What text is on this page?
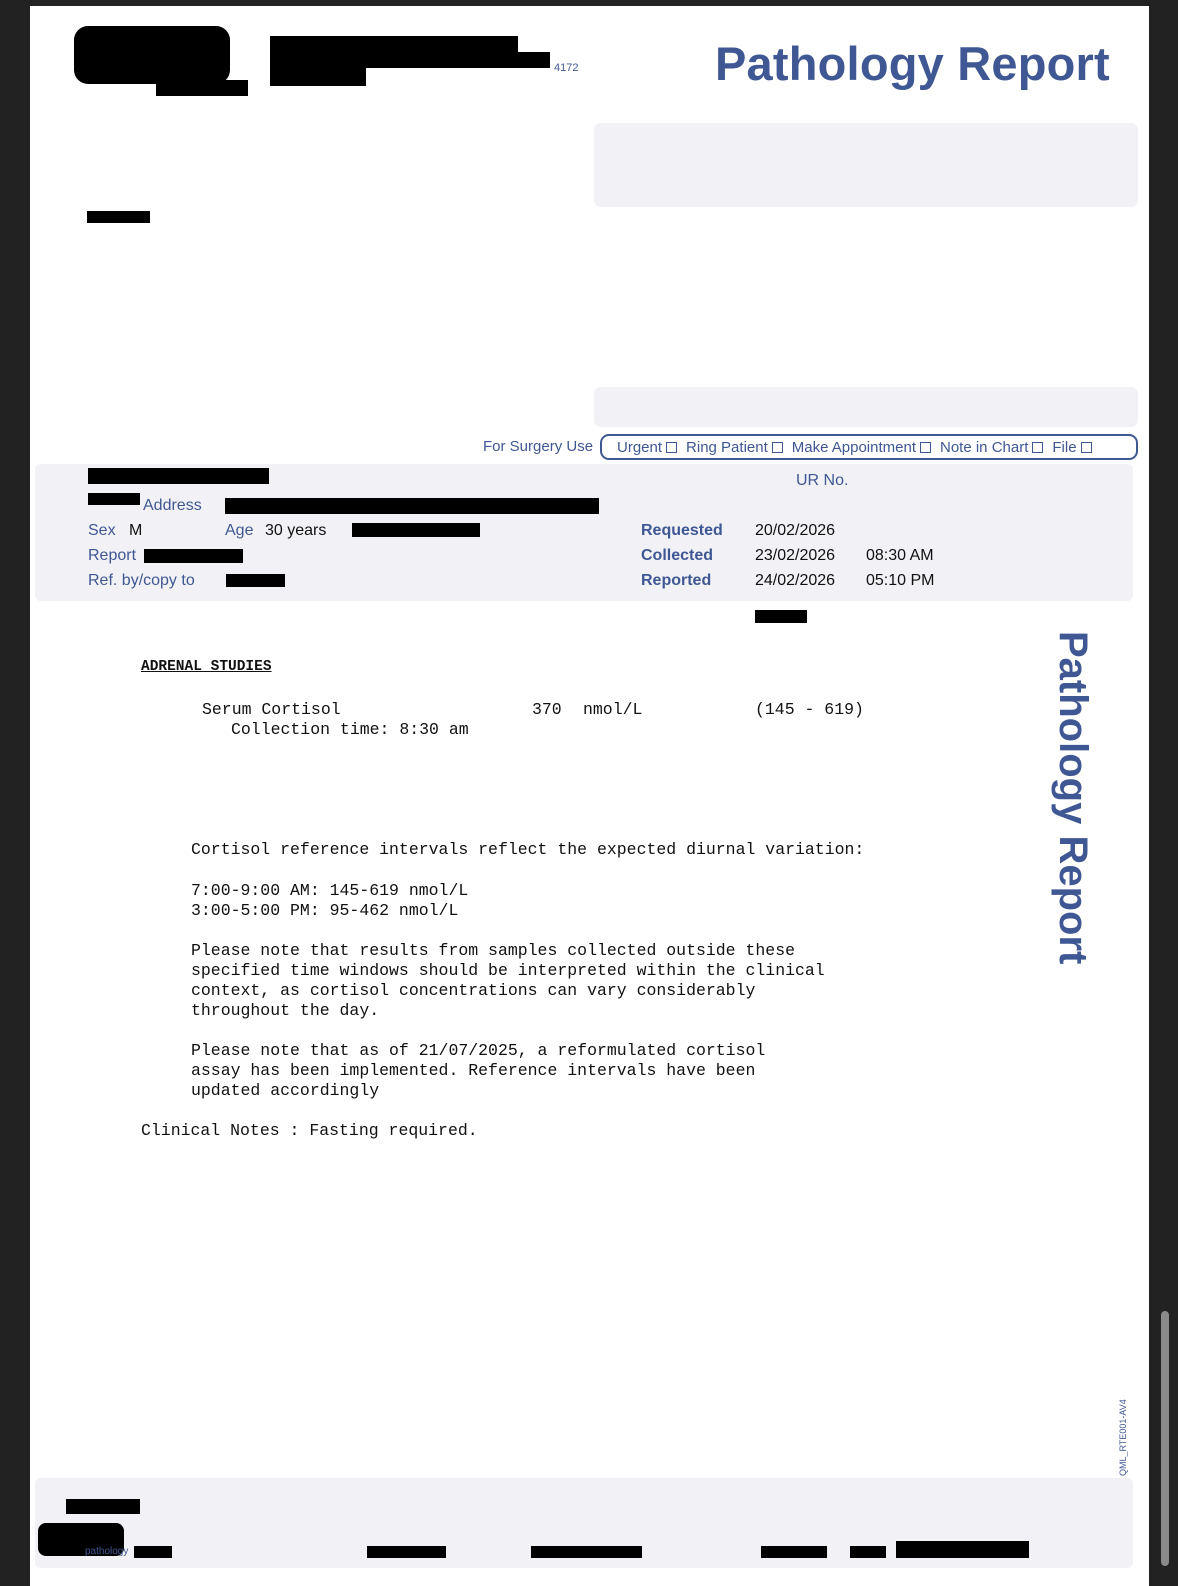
4172	Pathology Report
For Surgery Use Urgent Ring Patient Make Appointment Note in Chart File
UR No.
Address
Sex M	Age 30 years
Report
Ref. by/copy to
Requested 20/02/2026
Collected	23/02/2026 08:30 AM
Reported	24/02/2026 05:10 PM
ADRENAL STUDIES
Serum Cortisol	370 nmol/L	(145 - 619)
Collection time: 8:30 am
Cortisol reference intervals reflect the expected diurnal variation:
7:00-9:00 AM: 145-619 nmol/L
3:00-5:00 PM: 95-462 nmol/L
Please note that results from samples collected outside these
specified time windows should be interpreted within the clinical
context, as cortisol concentrations can vary considerably
throughout the day.
Please note that as of 21/07/2025, a reformulated cortisol
assay has been implemented. Reference intervals have been
updated accordingly
Clinical Notes : Fasting required.
Pathology Report
QML_RTE001-AV4
pathology
